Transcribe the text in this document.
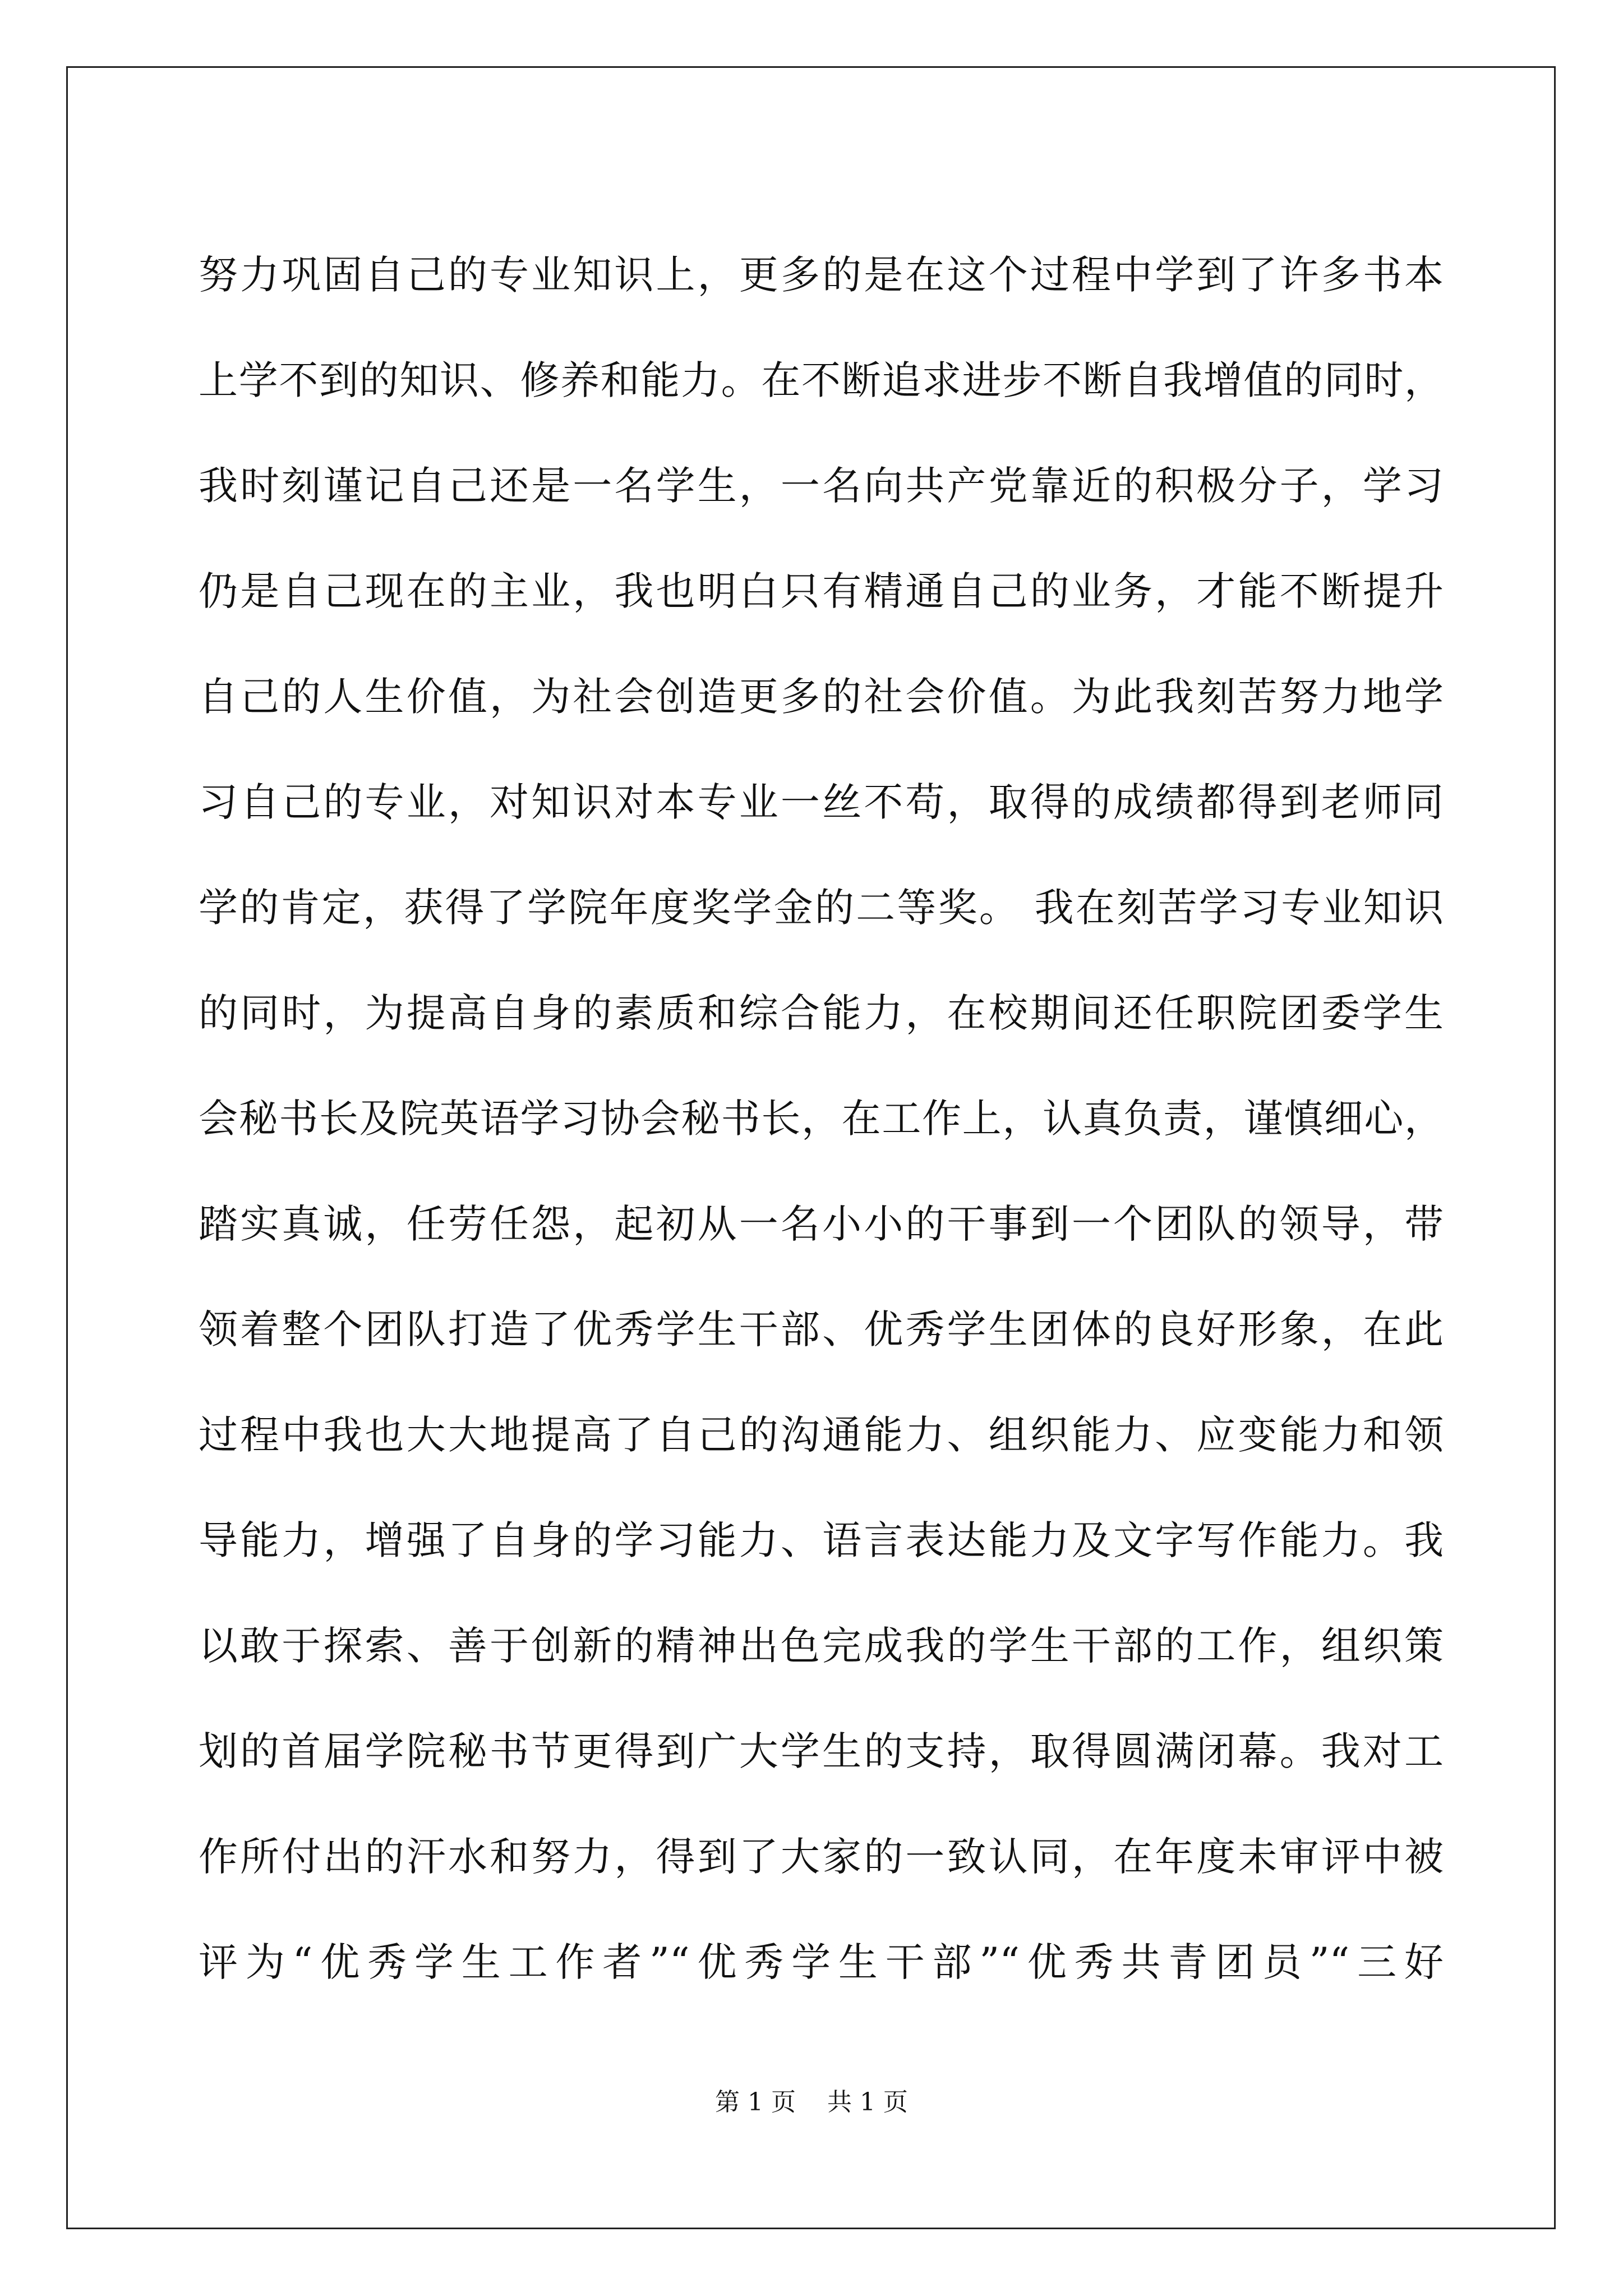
努力巩固自己的专业知识上，更多的是在这个过程中学到了许多书本
上学不到的知识、修养和能力。在不断追求进步不断自我增值的同时，
我时刻谨记自己还是一名学生，一名向共产党靠近的积极分子，学习
仍是自己现在的主业，我也明白只有精通自己的业务，才能不断提升
自己的人生价值，为社会创造更多的社会价值。为此我刻苦努力地学
习自己的专业，对知识对本专业一丝不苟，取得的成绩都得到老师同
学的肯定，获得了学院年度奖学金的二等奖。 我在刻苦学习专业知识
的同时，为提高自身的素质和综合能力，在校期间还任职院团委学生
会秘书长及院英语学习协会秘书长，在工作上，认真负责，谨慎细心，
踏实真诚，任劳任怨，起初从一名小小的干事到一个团队的领导，带
领着整个团队打造了优秀学生干部、优秀学生团体的良好形象，在此
过程中我也大大地提高了自己的沟通能力、组织能力、应变能力和领
导能力，增强了自身的学习能力、语言表达能力及文字写作能力。我
以敢于探索、善于创新的精神出色完成我的学生干部的工作，组织策
划的首届学院秘书节更得到广大学生的支持，取得圆满闭幕。我对工
作所付出的汗水和努力，得到了大家的一致认同，在年度未审评中被
评为“优秀学生工作者”“优秀学生干部”“优秀共青团员”“三好
第 1 页    共 1 页
